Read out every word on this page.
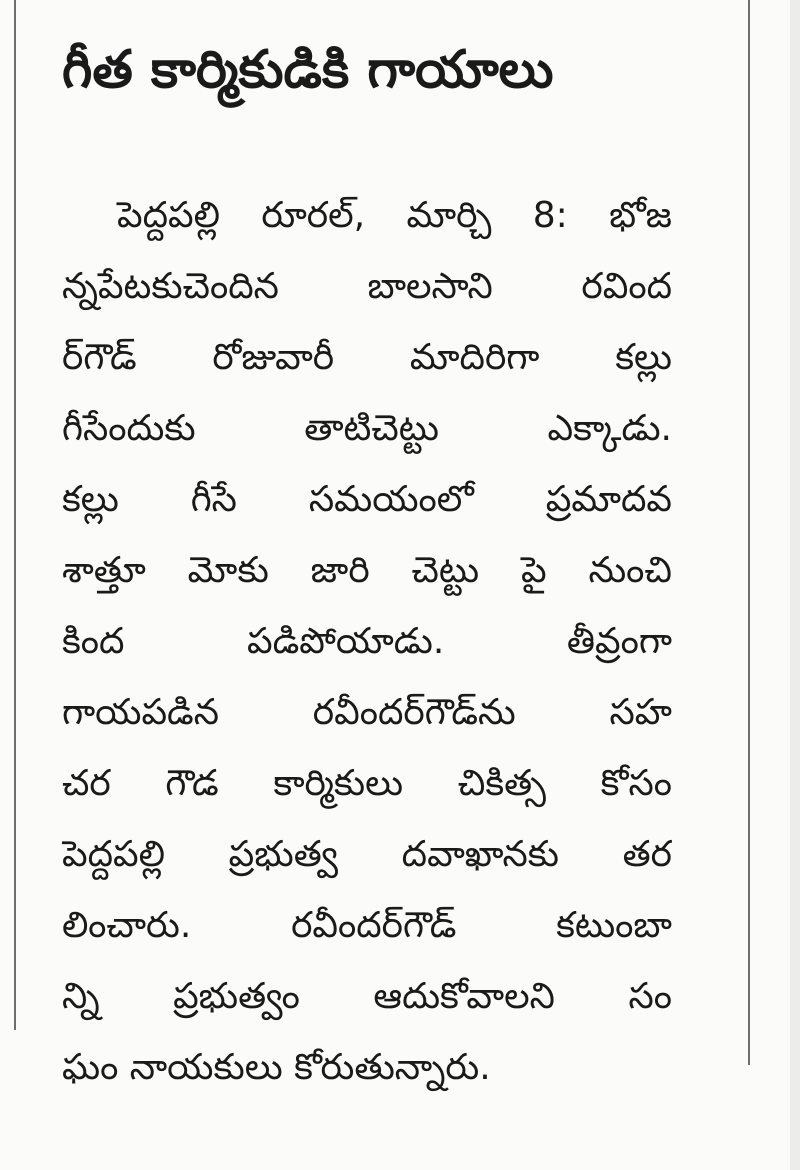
గీత కార్మికుడికి గాయాలు
పెద్దపల్లి రూరల్, మార్చి 8: భోజ
న్నపేటకుచెందిన బాలసాని రవింద
ర్‌గౌడ్ రోజువారీ మాదిరిగా కల్లు
గీసేందుకు తాటిచెట్టు ఎక్కాడు.
కల్లు గీసే సమయంలో ప్రమాదవ
శాత్తూ మోకు జారి చెట్టు పై నుంచి
కింద పడిపోయాడు. తీవ్రంగా
గాయపడిన రవీందర్‌గౌడ్‌ను సహ
చర గౌడ కార్మికులు చికిత్స కోసం
పెద్దపల్లి ప్రభుత్వ దవాఖానకు తర
లించారు. రవీందర్‌గౌడ్ కటుంబా
న్ని ప్రభుత్వం ఆదుకోవాలని సం
ఘం నాయకులు కోరుతున్నారు.
